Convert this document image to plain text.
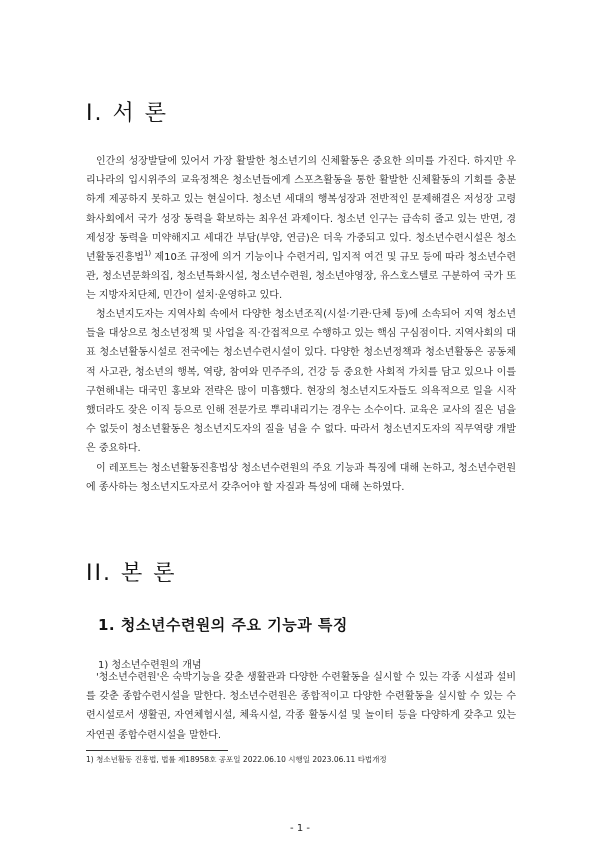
I. 서 론

인간의 성장발달에 있어서 가장 활발한 청소년기의 신체활동은 중요한 의미를 가진다. 하지만 우리나라의 입시위주의 교육정책은 청소년들에게 스포츠활동을 통한 활발한 신체활동의 기회를 충분하게 제공하지 못하고 있는 현실이다. 청소년 세대의 행복성장과 전반적인 문제해결은 저성장 고령화사회에서 국가 성장 동력을 확보하는 최우선 과제이다. 청소년 인구는 급속히 줄고 있는 반면, 경제성장 동력을 미약해지고 세대간 부담(부양, 연금)은 더욱 가중되고 있다. 청소년수련시설은 청소년활동진흥법$^{1)}$ 제10조 규정에 의거 기능이나 수련거리, 입지적 여건 및 규모 등에 따라 청소년수련관, 청소년문화의집, 청소년특화시설, 청소년수련원, 청소년야영장, 유스호스텔로 구분하여 국가 또는 지방자치단체, 민간이 설치·운영하고 있다.

청소년지도자는 지역사회 속에서 다양한 청소년조직(시설·기관·단체 등)에 소속되어 지역 청소년들을 대상으로 청소년정책 및 사업을 직·간접적으로 수행하고 있는 핵심 구심점이다. 지역사회의 대표 청소년활동시설로 전국에는 청소년수련시설이 있다. 다양한 청소년정책과 청소년활동은 공동체적 사고관, 청소년의 행복, 역량, 참여와 민주주의, 건강 등 중요한 사회적 가치를 담고 있으나 이를 구현해내는 대국민 홍보와 전략은 많이 미흡했다. 현장의 청소년지도자들도 의욕적으로 일을 시작했더라도 잦은 이직 등으로 인해 전문가로 뿌리내리기는 경우는 소수이다. 교육은 교사의 질은 넘을 수 없듯이 청소년활동은 청소년지도자의 질을 넘을 수 없다. 따라서 청소년지도자의 직무역량 개발은 중요하다.

이 레포트는 청소년활동진흥법상 청소년수련원의 주요 기능과 특징에 대해 논하고, 청소년수련원에 종사하는 청소년지도자로서 갖추어야 할 자질과 특성에 대해 논하였다.

II. 본 론
1. 청소년수련원의 주요 기능과 특징

1) 청소년수련원의 개념

'청소년수련원'은 숙박기능을 갖춘 생활관과 다양한 수련활동을 실시할 수 있는 각종 시설과 설비를 갖춘 종합수련시설을 말한다. 청소년수련원은 종합적이고 다양한 수련활동을 실시할 수 있는 수련시설로서 생활권, 자연체험시설, 체육시설, 각종 활동시설 및 놀이터 등을 다양하게 갖추고 있는 자연권 종합수련시설을 말한다.

1) 청소년활동 진흥법, 법률 제18958호 공포일 2022.06.10 시행일 2023.06.11 타법개정

- 1 -
